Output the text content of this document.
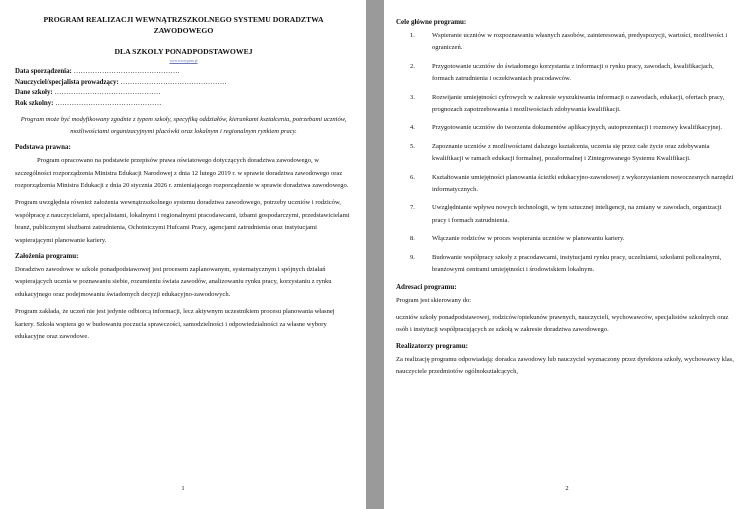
PROGRAM REALIZACJI WEWNĄTRZSZKOLNEGO SYSTEMU DORADZTWA
ZAWODOWEGO
DLA SZKOLY PONADPODSTAWOWEJ
www.wzorypism.pl
Data sporządzenia: ………………………………………
Nauczyciel/specjalista prowadzący: ………………………………………
Dane szkoły: ………………………………………
Rok szkolny: ………………………………………
Program może być modyfikowany zgodnie z typem szkoły, specyfiką oddziałów, kierunkami kształcenia, potrzebami uczniów, możliwościami organizacyjnymi placówki oraz lokalnym i regionalnym rynkiem pracy.
Podstawa prawna:

Program opracowano na podstawie przepisów prawa oświatowego dotyczących doradztwa zawodowego, w szczególności rozporządzenia Ministra Edukacji Narodowej z dnia 12 lutego 2019 r. w sprawie doradztwa zawodowego oraz rozporządzenia Ministra Edukacji z dnia 20 stycznia 2026 r. zmieniającego rozporządzenie w sprawie doradztwa zawodowego.

Program uwzględnia również założenia wewnątrzszkolnego systemu doradztwa zawodowego, potrzeby uczniów i rodziców, współpracę z nauczycielami, specjalistami, lokalnymi i regionalnymi pracodawcami, izbami gospodarczymi, przedstawicielami branż, publicznymi służbami zatrudnienia, Ochotniczymi Hufcami Pracy, agencjami zatrudnienia oraz instytucjami wspierającymi planowanie kariery.

Założenia programu:

Doradztwo zawodowe w szkole ponadpodstawowej jest procesem zaplanowanym, systematycznym i spójnych działań wspierających ucznia w poznawaniu siebie, rozumieniu świata zawodów, analizowaniu rynku pracy, korzystaniu z rynku edukacyjnego oraz podejmowaniu świadomych decyzji edukacyjno-zawodowych.

Program zakłada, że uczeń nie jest jedynie odbiorcą informacji, lecz aktywnym uczestnikiem procesu planowania własnej kariery. Szkoła wspiera go w budowaniu poczucia sprawczości, samodzielności i odpowiedzialności za własne wybory edukacyjne oraz zawodowe.

1
Cele główne programu:
1.	Wspieranie uczniów w rozpoznawaniu własnych zasobów, zainteresowań, predyspozycji, wartości, możliwości i ograniczeń.
2.	Przygotowanie uczniów do świadomego korzystania z informacji o rynku pracy, zawodach, kwalifikacjach, formach zatrudnienia i oczekiwaniach pracodawców.
3.	Rozwijanie umiejętności cyfrowych w zakresie wyszukiwania informacji o zawodach, edukacji, ofertach pracy, prognozach zapotrzebowania i możliwościach zdobywania kwalifikacji.
4.	Przygotowanie uczniów do tworzenia dokumentów aplikacyjnych, autoprezentacji i rozmowy kwalifikacyjnej.
5.	Zapoznanie uczniów z możliwościami dalszego kształcenia, uczenia się przez całe życie oraz zdobywania kwalifikacji w ramach edukacji formalnej, pozaformalnej i Zintegrowanego Systemu Kwalifikacji.
6.	Kształtowanie umiejętności planowania ścieżki edukacyjno-zawodowej z wykorzystaniem nowoczesnych narzędzi informatycznych.
7.	Uwzględnianie wpływu nowych technologii, w tym sztucznej inteligencji, na zmiany w zawodach, organizacji pracy i formach zatrudnienia.
8.	Włączanie rodziców w proces wspierania uczniów w planowaniu kariery.
9.	Budowanie współpracy szkoły z pracodawcami, instytucjami rynku pracy, uczelniami, szkołami policealnymi, branżowymi centrami umiejętności i środowiskiem lokalnym.
Adresaci programu:

Program jest skierowany do:

uczniów szkoły ponadpodstawowej, rodziców/opiekunów prawnych, nauczycieli, wychowawców, specjalistów szkolnych oraz osób i instytucji współpracujących ze szkołą w zakresie doradztwa zawodowego.

Realizatorzy programu:

Za realizację programu odpowiadają: doradca zawodowy lub nauczyciel wyznaczony przez dyrektora szkoły, wychowawcy klas, nauczyciele przedmiotów ogólnokształcących,

2
